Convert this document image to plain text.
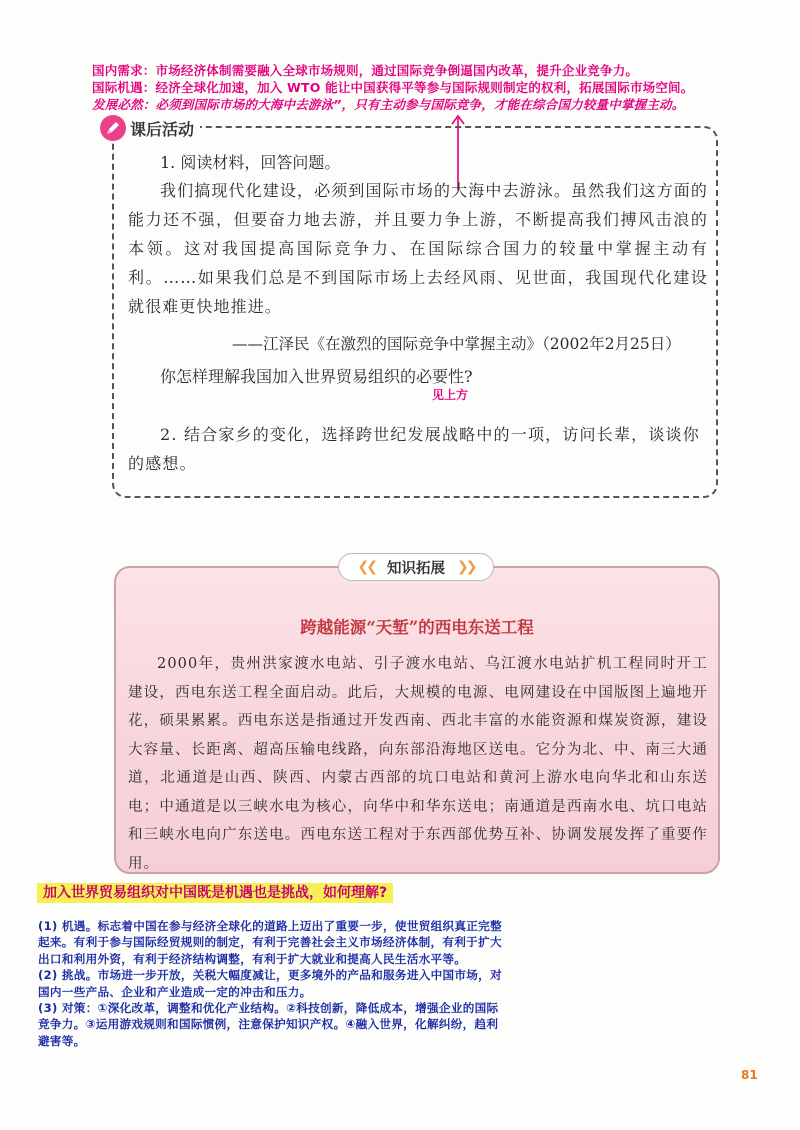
国内需求：市场经济体制需要融入全球市场规则，通过国际竞争倒逼国内改革，提升企业竞争力。
国际机遇：经济全球化加速，加入 WTO 能让中国获得平等参与国际规则制定的权利，拓展国际市场空间。
发展必然：必须到国际市场的大海中去游泳”，只有主动参与国际竞争，才能在综合国力较量中掌握主动。
课后活动
1. 阅读材料，回答问题。
我们搞现代化建设，必须到国际市场的大海中去游泳。虽然我们这方面的能力还不强，但要奋力地去游，并且要力争上游，不断提高我们搏风击浪的本领。这对我国提高国际竞争力、在国际综合国力的较量中掌握主动有利。……如果我们总是不到国际市场上去经风雨、见世面，我国现代化建设就很难更快地推进。
——江泽民《在激烈的国际竞争中掌握主动》（2002年2月25日）
你怎样理解我国加入世界贸易组织的必要性?
见上方
2. 结合家乡的变化，选择跨世纪发展战略中的一项，访问长辈，谈谈你的感想。
❮❮ 知识拓展 ❯❯
跨越能源“天堑”的西电东送工程
2000年，贵州洪家渡水电站、引子渡水电站、乌江渡水电站扩机工程同时开工建设，西电东送工程全面启动。此后，大规模的电源、电网建设在中国版图上遍地开花，硕果累累。西电东送是指通过开发西南、西北丰富的水能资源和煤炭资源，建设大容量、长距离、超高压输电线路，向东部沿海地区送电。它分为北、中、南三大通道，北通道是山西、陕西、内蒙古西部的坑口电站和黄河上游水电向华北和山东送电；中通道是以三峡水电为核心，向华中和华东送电；南通道是西南水电、坑口电站和三峡水电向广东送电。西电东送工程对于东西部优势互补、协调发展发挥了重要作用。
加入世界贸易组织对中国既是机遇也是挑战，如何理解?

(1) 机遇。标志着中国在参与经济全球化的道路上迈出了重要一步，使世贸组织真正完整起来。有利于参与国际经贸规则的制定，有利于完善社会主义市场经济体制，有利于扩大出口和利用外资，有利于经济结构调整，有利于扩大就业和提高人民生活水平等。

(2) 挑战。市场进一步开放，关税大幅度减让，更多境外的产品和服务进入中国市场，对国内一些产品、企业和产业造成一定的冲击和压力。

(3) 对策：①深化改革，调整和优化产业结构。②科技创新，降低成本，增强企业的国际竞争力。③运用游戏规则和国际惯例，注意保护知识产权。④融入世界，化解纠纷，趋利避害等。

81
